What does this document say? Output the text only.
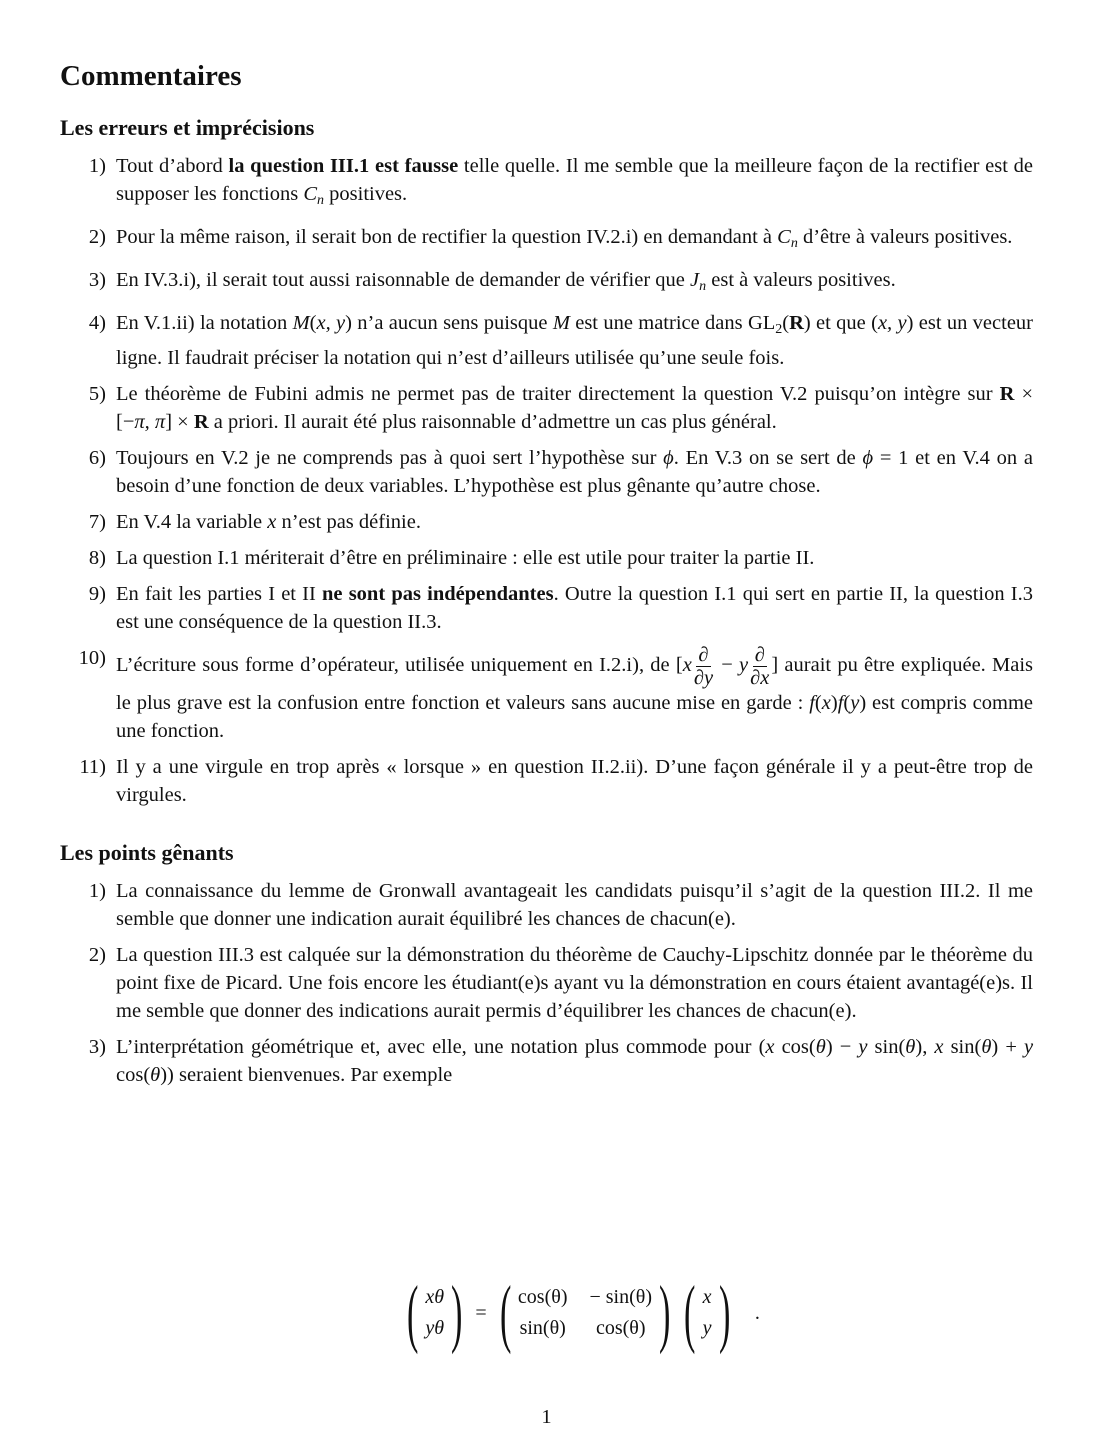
Commentaires
Les erreurs et imprécisions
1) Tout d’abord la question III.1 est fausse telle quelle. Il me semble que la meilleure façon de la rectifier est de supposer les fonctions $C_n$ positives.
2) Pour la même raison, il serait bon de rectifier la question IV.2.i) en demandant à $C_n$ d’être à valeurs positives.
3) En IV.3.i), il serait tout aussi raisonnable de demander de vérifier que $J_n$ est à valeurs positives.
4) En V.1.ii) la notation M(x, y) n’a aucun sens puisque M est une matrice dans GL2(R) et que (x, y) est un vecteur ligne. Il faudrait préciser la notation qui n’est d’ailleurs utilisée qu’une seule fois.
5) Le théorème de Fubini admis ne permet pas de traiter directement la question V.2 puisqu’on intègre sur R × [−π, π] × R a priori. Il aurait été plus raisonnable d’admettre un cas plus général.
6) Toujours en V.2 je ne comprends pas à quoi sert l’hypothèse sur ϕ. En V.3 on se sert de ϕ = 1 et en V.4 on a besoin d’une fonction de deux variables. L’hypothèse est plus gênante qu’autre chose.
7) En V.4 la variable x n’est pas définie.
8) La question I.1 mériterait d’être en préliminaire : elle est utile pour traiter la partie II.
9) En fait les parties I et II ne sont pas indépendantes. Outre la question I.1 qui sert en partie II, la question I.3 est une conséquence de la question II.3.
10) L’écriture sous forme d’opérateur, utilisée uniquement en I.2.i), de [$x \frac{\partial}{\partial y} - y \frac{\partial}{\partial x}$ ] aurait pu être expliquée. Mais le plus grave est la confusion entre fonction et valeurs sans aucune mise en garde : f(x)f(y) est compris comme une fonction.
11) Il y a une virgule en trop après « lorsque » en question II.2.ii). D’une façon générale il y a peut-être trop de virgules.
Les points gênants
1) La connaissance du lemme de Gronwall avantageait les candidats puisqu’il s’agit de la question III.2. Il me semble que donner une indication aurait équilibré les chances de chacun(e).
2) La question III.3 est calquée sur la démonstration du théorème de Cauchy-Lipschitz donnée par le théorème du point fixe de Picard. Une fois encore les étudiant(e)s ayant vu la démonstration en cours étaient avantagé(e)s. Il me semble que donner des indications aurait permis d’équilibrer les chances de chacun(e).
3) L’interprétation géométrique et, avec elle, une notation plus commode pour (x cos(θ) − y sin(θ), x sin(θ) + y cos(θ)) seraient bienvenues. Par exemple
( xθ
yθ ) = ( cos(θ) − sin(θ)
sin(θ)	cos(θ) ) ( x
y ) .
1
